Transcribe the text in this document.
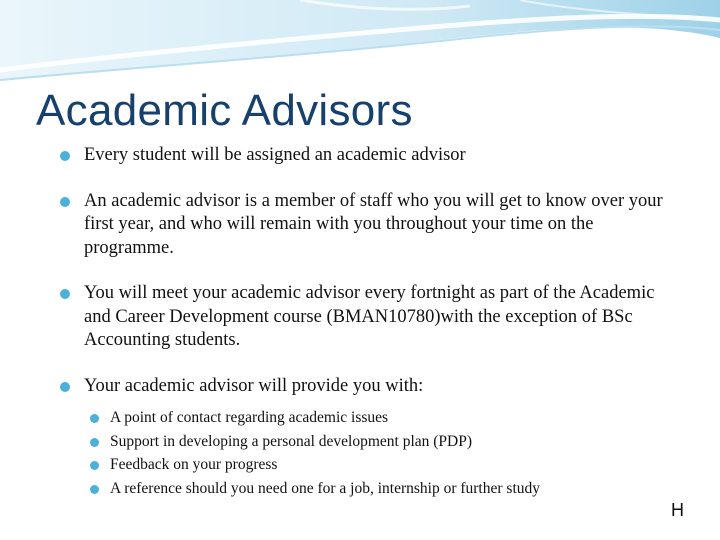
Academic Advisors
Every student will be assigned an academic advisor
An academic advisor is a member of staff who you will get to know over your first year, and who will remain with you throughout your time on the programme.
You will meet your academic advisor every fortnight as part of the Academic and Career Development course (BMAN10780)with the exception of BSc Accounting students.
Your academic advisor will provide you with:
A point of contact regarding academic issues
Support in developing a personal development plan (PDP)
Feedback on your progress
A reference should you need one for a job, internship or further study
H
